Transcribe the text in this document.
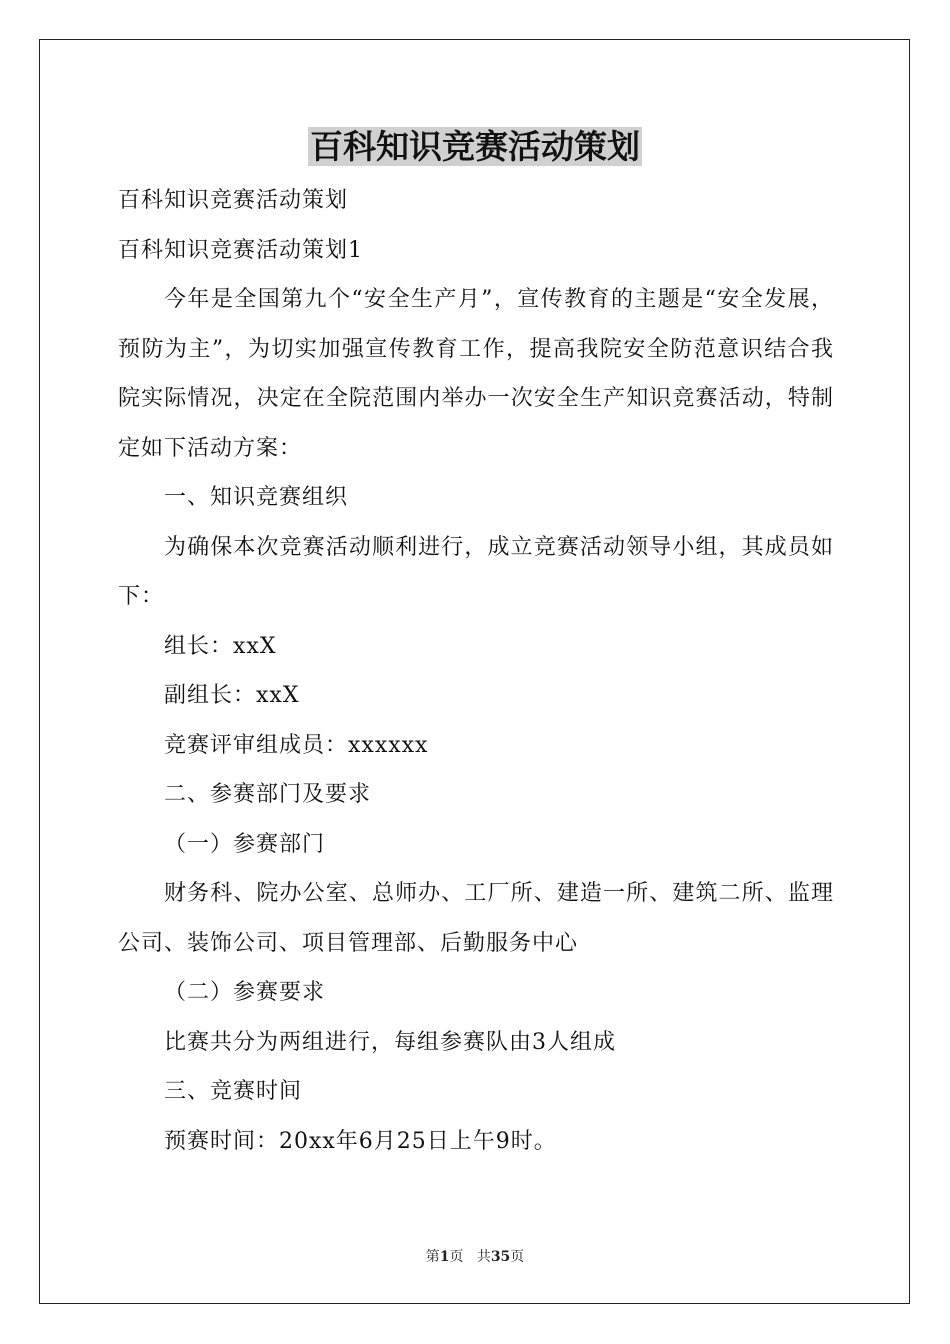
百科知识竞赛活动策划

百科知识竞赛活动策划

百科知识竞赛活动策划1

今年是全国第九个“安全生产月”，宣传教育的主题是“安全发展，预防为主”，为切实加强宣传教育工作，提高我院安全防范意识结合我院实际情况，决定在全院范围内举办一次安全生产知识竞赛活动，特制定如下活动方案：

一、知识竞赛组织

为确保本次竞赛活动顺利进行，成立竞赛活动领导小组，其成员如下：

组长：xxX

副组长：xxX

竞赛评审组成员：xxxxxx

二、参赛部门及要求

（一）参赛部门

财务科、院办公室、总师办、工厂所、建造一所、建筑二所、监理公司、装饰公司、项目管理部、后勤服务中心

（二）参赛要求

比赛共分为两组进行，每组参赛队由3人组成

三、竞赛时间

预赛时间：20xx年6月25日上午9时。

第1页 共35页
